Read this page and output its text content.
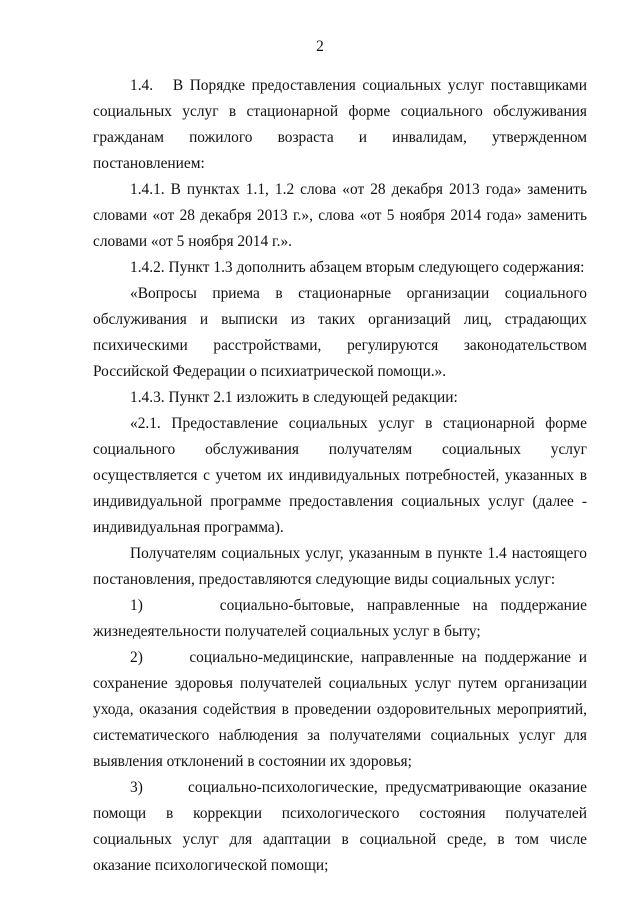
2

1.4.   В Порядке предоставления социальных услуг поставщиками социальных услуг в стационарной форме социального обслуживания гражданам пожилого возраста и инвалидам, утвержденном постановлением:

1.4.1. В пунктах 1.1, 1.2 слова «от 28 декабря 2013 года» заменить словами «от 28 декабря 2013 г.», слова «от 5 ноября 2014 года» заменить словами «от 5 ноября 2014 г.».

1.4.2. Пункт 1.3 дополнить абзацем вторым следующего содержания:

«Вопросы приема в стационарные организации социального обслуживания и выписки из таких организаций лиц, страдающих психическими расстройствами, регулируются законодательством Российской Федерации о психиатрической помощи.».

1.4.3. Пункт 2.1 изложить в следующей редакции:

«2.1. Предоставление социальных услуг в стационарной форме социального обслуживания получателям социальных услуг осуществляется с учетом их индивидуальных потребностей, указанных в индивидуальной программе предоставления социальных услуг (далее - индивидуальная программа).

Получателям социальных услуг, указанным в пункте 1.4 настоящего постановления, предоставляются следующие виды социальных услуг:

1)      социально-бытовые, направленные на поддержание жизнедеятельности получателей социальных услуг в быту;

2)      социально-медицинские, направленные на поддержание и сохранение здоровья получателей социальных услуг путем организации ухода, оказания содействия в проведении оздоровительных мероприятий, систематического наблюдения за получателями социальных услуг для выявления отклонений в состоянии их здоровья;

3)      социально-психологические, предусматривающие оказание помощи в коррекции психологического состояния получателей социальных услуг для адаптации в социальной среде, в том числе оказание психологической помощи;
